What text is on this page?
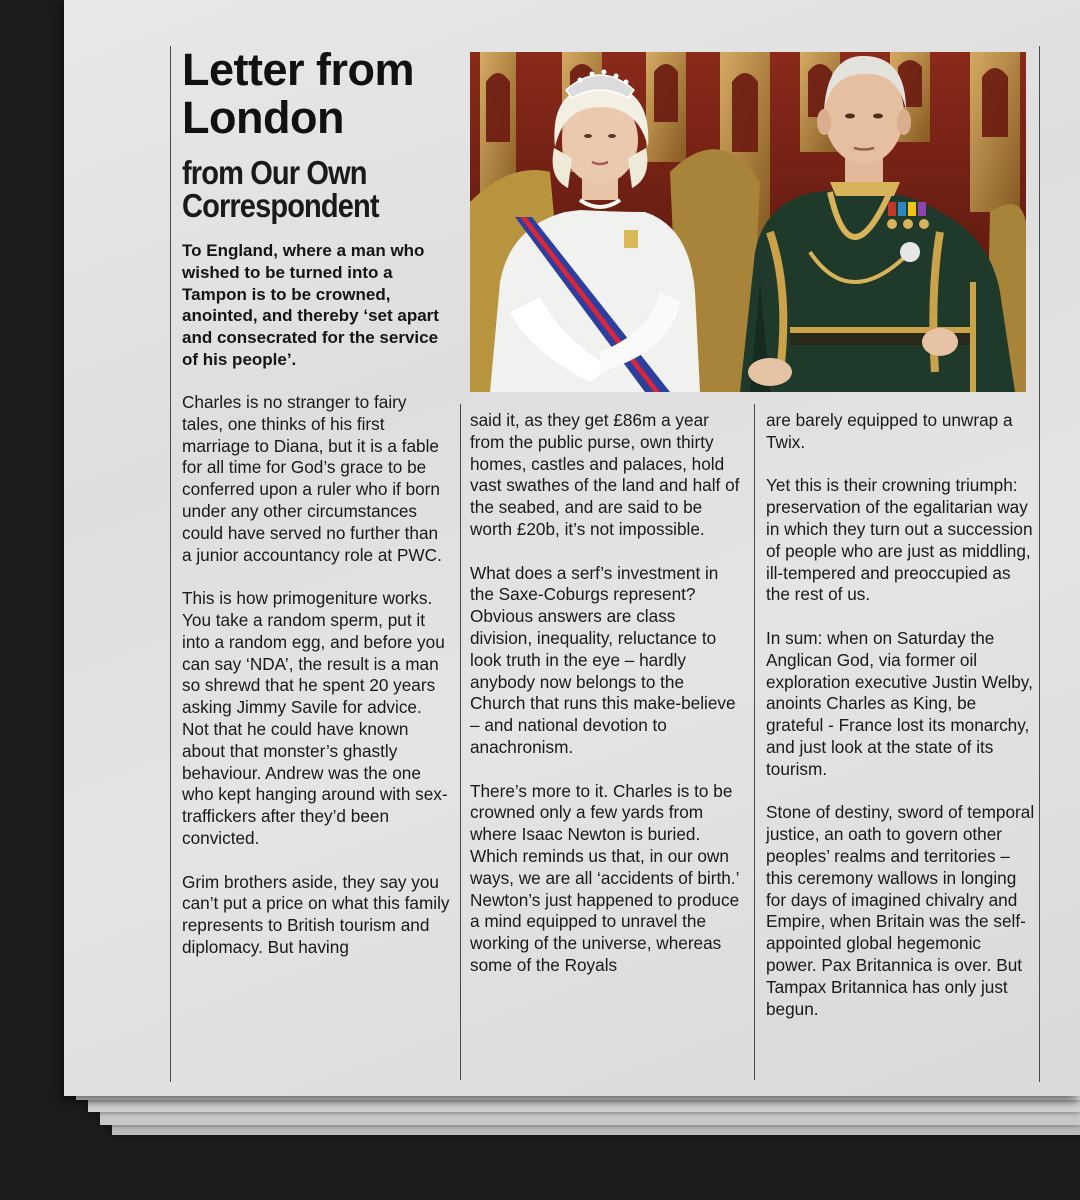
Letter from London
from Our Own Correspondent

To England, where a man who wished to be turned into a Tampon is to be crowned, anointed, and thereby ‘set apart and consecrated for the service of his people’.

Charles is no stranger to fairy tales, one thinks of his first marriage to Diana, but it is a fable for all time for God’s grace to be conferred upon a ruler who if born under any other circumstances could have served no further than a junior accountancy role at PWC.

This is how primogeniture works. You take a random sperm, put it into a random egg, and before you can say ‘NDA’, the result is a man so shrewd that he spent 20 years asking Jimmy Savile for advice. Not that he could have known about that monster’s ghastly behaviour. Andrew was the one who kept hanging around with sex-traffickers after they’d been convicted.

Grim brothers aside, they say you can’t put a price on what this family represents to British tourism and diplomacy. But having

said it, as they get £86m a year from the public purse, own thirty homes, castles and palaces, hold vast swathes of the land and half of the seabed, and are said to be worth £20b, it’s not impossible.

What does a serf’s investment in the Saxe-Coburgs represent? Obvious answers are class division, inequality, reluctance to look truth in the eye – hardly anybody now belongs to the Church that runs this make-believe – and national devotion to anachronism.

There’s more to it. Charles is to be crowned only a few yards from where Isaac Newton is buried. Which reminds us that, in our own ways, we are all ‘accidents of birth.’ Newton’s just happened to produce a mind equipped to unravel the working of the universe, whereas some of the Royals

are barely equipped to unwrap a Twix.

Yet this is their crowning triumph: preservation of the egalitarian way in which they turn out a succession of people who are just as middling, ill-tempered and preoccupied as the rest of us.

In sum: when on Saturday the Anglican God, via former oil exploration executive Justin Welby, anoints Charles as King, be grateful - France lost its monarchy, and just look at the state of its tourism.

Stone of destiny, sword of temporal justice, an oath to govern other peoples’ realms and territories – this ceremony wallows in longing for days of imagined chivalry and Empire, when Britain was the self-appointed global hegemonic power. Pax Britannica is over. But Tampax Britannica has only just begun.
